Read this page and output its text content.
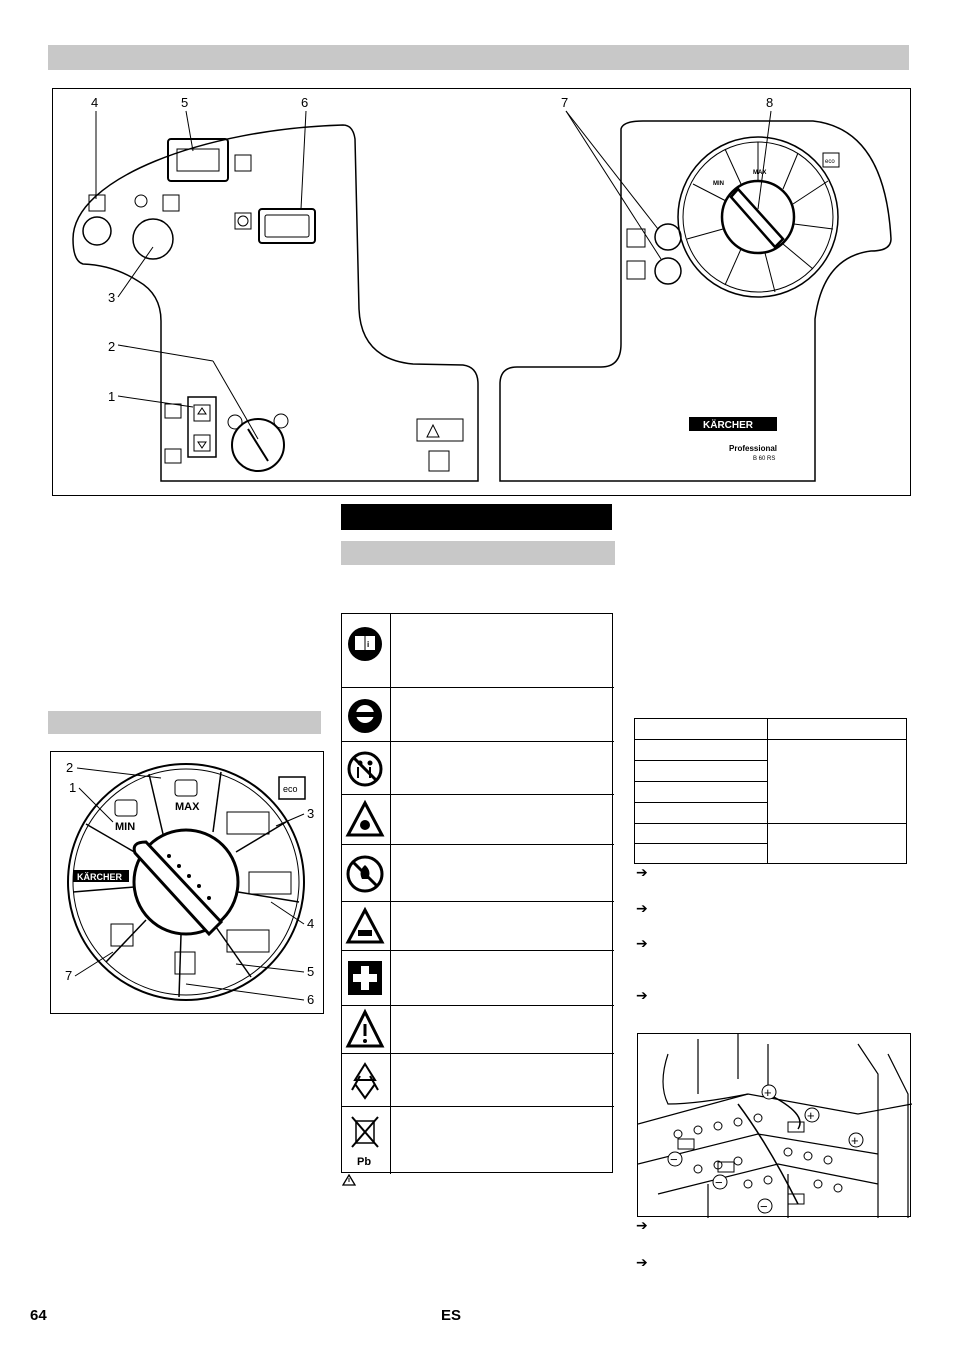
4	5	6	7	8
3
2
1
MIN
MAX
eco
KÄRCHER
Professional
B 60 RS
MIN
MAX
eco
KÄRCHER
2
1
3
4
5
6
7
i
Pb

➔
➔
➔
➔
+
+
+
−
−
−
➔
➔
64	ES
